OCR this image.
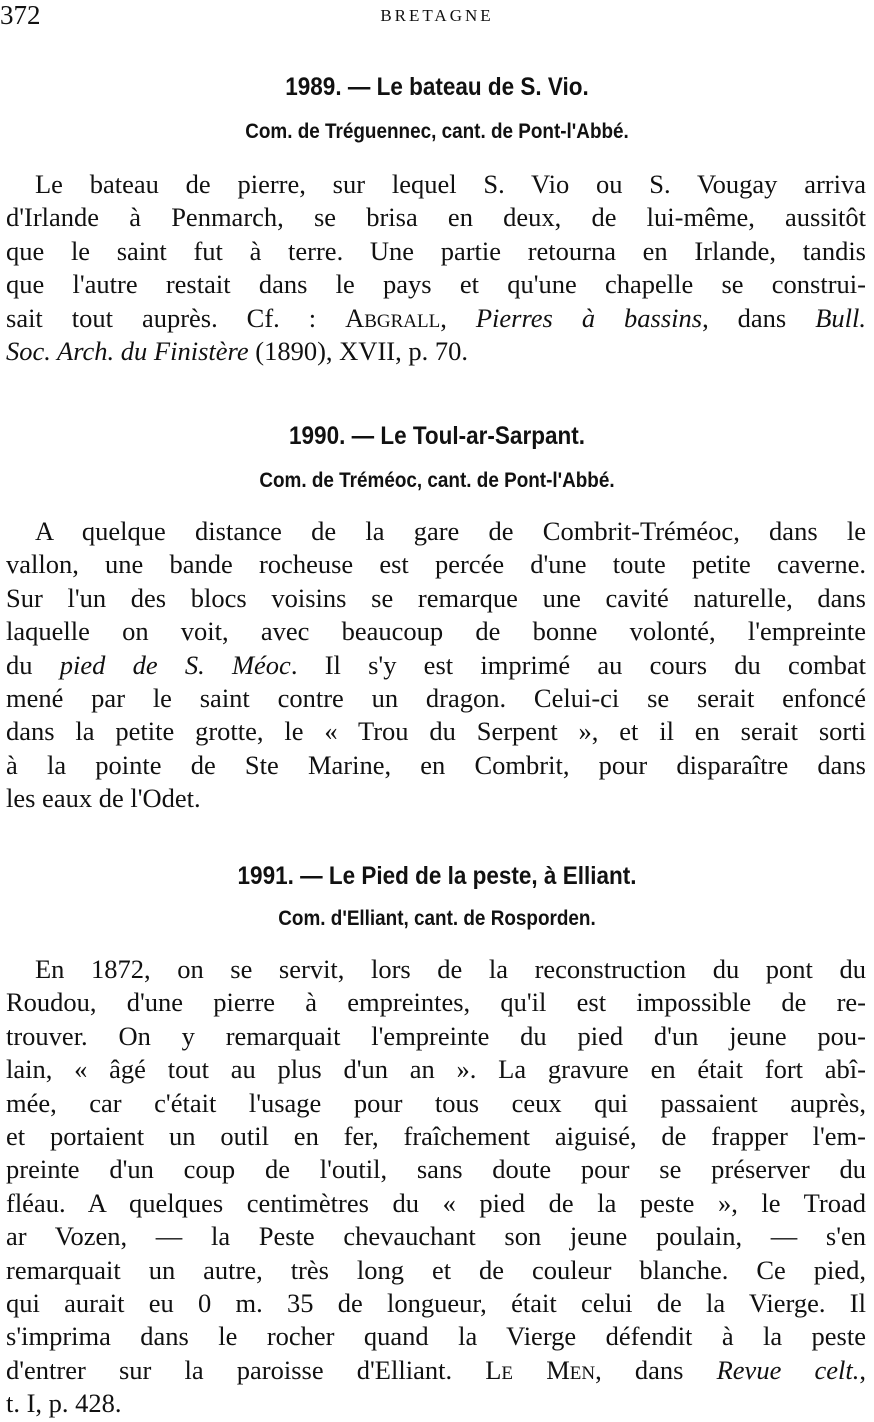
372	BRETAGNE
1989. — Le bateau de S. Vio.
Com. de Tréguennec, cant. de Pont-l'Abbé.
Le bateau de pierre, sur lequel S. Vio ou S. Vougay arriva
d'Irlande à Penmarch, se brisa en deux, de lui-même, aussitôt
que le saint fut à terre. Une partie retourna en Irlande, tandis
que l'autre restait dans le pays et qu'une chapelle se construi-
sait tout auprès. Cf. : Abgrall, Pierres à bassins, dans Bull.
Soc. Arch. du Finistère (1890), XVII, p. 70.
1990. — Le Toul-ar-Sarpant.
Com. de Tréméoc, cant. de Pont-l'Abbé.
A quelque distance de la gare de Combrit-Tréméoc, dans le
vallon, une bande rocheuse est percée d'une toute petite caverne.
Sur l'un des blocs voisins se remarque une cavité naturelle, dans
laquelle on voit, avec beaucoup de bonne volonté, l'empreinte
du pied de S. Méoc. Il s'y est imprimé au cours du combat
mené par le saint contre un dragon. Celui-ci se serait enfoncé
dans la petite grotte, le « Trou du Serpent », et il en serait sorti
à la pointe de Ste Marine, en Combrit, pour disparaître dans
les eaux de l'Odet.
1991. — Le Pied de la peste, à Elliant.
Com. d'Elliant, cant. de Rosporden.
En 1872, on se servit, lors de la reconstruction du pont du
Roudou, d'une pierre à empreintes, qu'il est impossible de re-
trouver. On y remarquait l'empreinte du pied d'un jeune pou-
lain, « âgé tout au plus d'un an ». La gravure en était fort abî-
mée, car c'était l'usage pour tous ceux qui passaient auprès,
et portaient un outil en fer, fraîchement aiguisé, de frapper l'em-
preinte d'un coup de l'outil, sans doute pour se préserver du
fléau. A quelques centimètres du « pied de la peste », le Troad
ar Vozen, — la Peste chevauchant son jeune poulain, — s'en
remarquait un autre, très long et de couleur blanche. Ce pied,
qui aurait eu 0 m. 35 de longueur, était celui de la Vierge. Il
s'imprima dans le rocher quand la Vierge défendit à la peste
d'entrer sur la paroisse d'Elliant. Le Men, dans Revue celt.,
t. I, p. 428.
